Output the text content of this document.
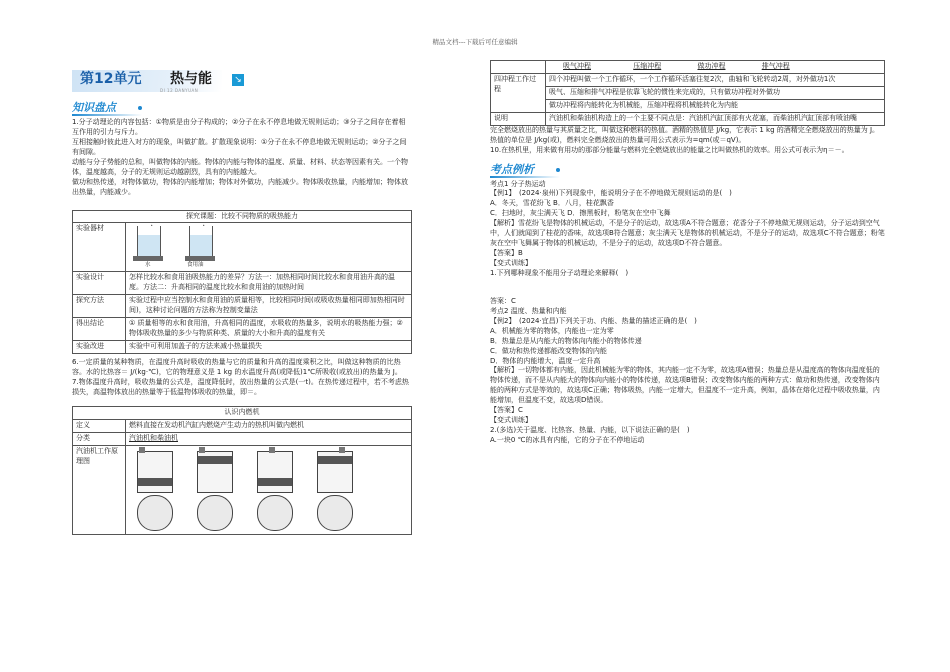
精品文档---下载后可任意编辑
第12单元 热与能
DI 12 DANYUAN
↘
知识盘点

1.分子动理论的内容包括：①物质是由分子构成的；②分子在永不停息地做无规则运动；③分子之间存在着相互作用的引力与斥力。

互相接触时彼此进入对方的现象，叫做扩散。扩散现象说明：①分子在永不停息地做无规则运动；②分子之间有间隙。

动能与分子势能的总和，叫做物体的内能。物体的内能与物体的温度、质量、材料、状态等因素有关。一个物体，温度越高，分子的无规则运动越剧烈，具有的内能越大。

做功和热传递，对物体做功，物体的内能增加；物体对外做功，内能减少。物体吸收热量，内能增加；物体放出热量，内能减少。

探究课题：比较不同物质的吸热能力	
实验器材	水 食用油

实验设计	怎样比较水和食用油吸热能力的差异？方法一：加热相同时间比较水和食用油升高的温度。方法二：升高相同的温度比较水和食用油的加热时间
探究方法	实验过程中应当控制水和食用油的质量相等，比较相同时间(或吸收热量相同即加热相同时间)，这种讨论问题的方法称为控制变量法
得出结论	① 质量相等的水和食用油，升高相同的温度，水吸收的热量多，说明水的吸热能力强；②物体吸收热量的多少与物质种类、质量的大小和升高的温度有关
实验改进	实验中可利用加盖子的方法来减小热量损失

6.一定质量的某种物质，在温度升高时吸收的热量与它的质量和升高的温度乘积之比，叫做这种物质的比热容。水的比热容＝ J/(kg·℃)，它的物理意义是 1 kg 的水温度升高(或降低)1℃所吸收(或放出)的热量为 J。

7.物体温度升高时，吸收热量的公式是，温度降低时，放出热量的公式是(一t)。在热传递过程中，若不考虑热损失，高温物体放出的热量等于低温物体吸收的热量，即＝。

认识内燃机	
定义	燃料直接在发动机汽缸内燃烧产生动力的热机叫做内燃机
分类	汽油机和柴油机
汽油机工作原理图	
	吸气冲程 压缩冲程 做功冲程 排气冲程
四冲程工作过程	四个冲程叫做一个工作循环，一个工作循环活塞往复2次，曲轴和飞轮转动2周，对外做功1次
	吸气、压缩和排气冲程是依靠飞轮的惯性来完成的，只有做功冲程对外做功
	做功冲程将内能转化为机械能，压缩冲程将机械能转化为内能
说明	汽油机和柴油机构造上的一个主要不同点是：汽油机汽缸顶部有火花塞，而柴油机汽缸顶部有喷油嘴

完全燃烧放出的热量与其质量之比，叫做这种燃料的热值。酒精的热值是 J/kg，它表示 1 kg 的酒精完全燃烧放出的热量为 J。热值的单位是 J/kg(或)，燃料完全燃烧放出的热量可用公式表示为=qm(或＝qV)。

10.在热机里，用来做有用功的那部分能量与燃料完全燃烧放出的能量之比叫做热机的效率。用公式可表示为η＝－。

考点例析

考点1 分子热运动

【例1】　(2024·泉州)下列现象中，能说明分子在不停地做无规则运动的是(　)

A．冬天，雪花纷飞 B．八月，桂花飘香

C．扫地时，灰尘满天飞 D．擦黑板时，粉笔灰在空中飞舞

【解析】雪花纷飞是物体的机械运动，不是分子的运动，故选项A不符合题意；花香分子不停地做无规则运动，分子运动到空气中，人们就闻到了桂花的香味，故选项B符合题意；灰尘满天飞是物体的机械运动，不是分子的运动，故选项C不符合题意；粉笔灰在空中飞舞属于物体的机械运动，不是分子的运动，故选项D不符合题意。

【答案】B

【变式训练】

1.下列哪种现象不能用分子动理论来解释(　)

答案：C

考点2 温度、热量和内能

【例2】　(2024·宜昌)下列关于功、内能、热量的描述正确的是(　)

A．机械能为零的物体，内能也一定为零

B．热量总是从内能大的物体向内能小的物体传递

C．做功和热传递都能改变物体的内能

D．物体的内能增大，温度一定升高

【解析】一切物体都有内能，因此机械能为零的物体，其内能一定不为零，故选项A错误；热量总是从温度高的物体向温度低的物体传递，而不是从内能大的物体向内能小的物体传递，故选项B错误；改变物体内能的两种方式：做功和热传递，改变物体内能的两种方式是等效的，故选项C正确；物体吸热，内能一定增大，但温度不一定升高，例如，晶体在熔化过程中吸收热量，内能增加，但温度不变，故选项D错误。

【答案】C

【变式训练】

2.(多选)关于温度、比热容、热量、内能，以下说法正确的是(　)

A.一块0 ℃的冰具有内能，它的分子在不停地运动
